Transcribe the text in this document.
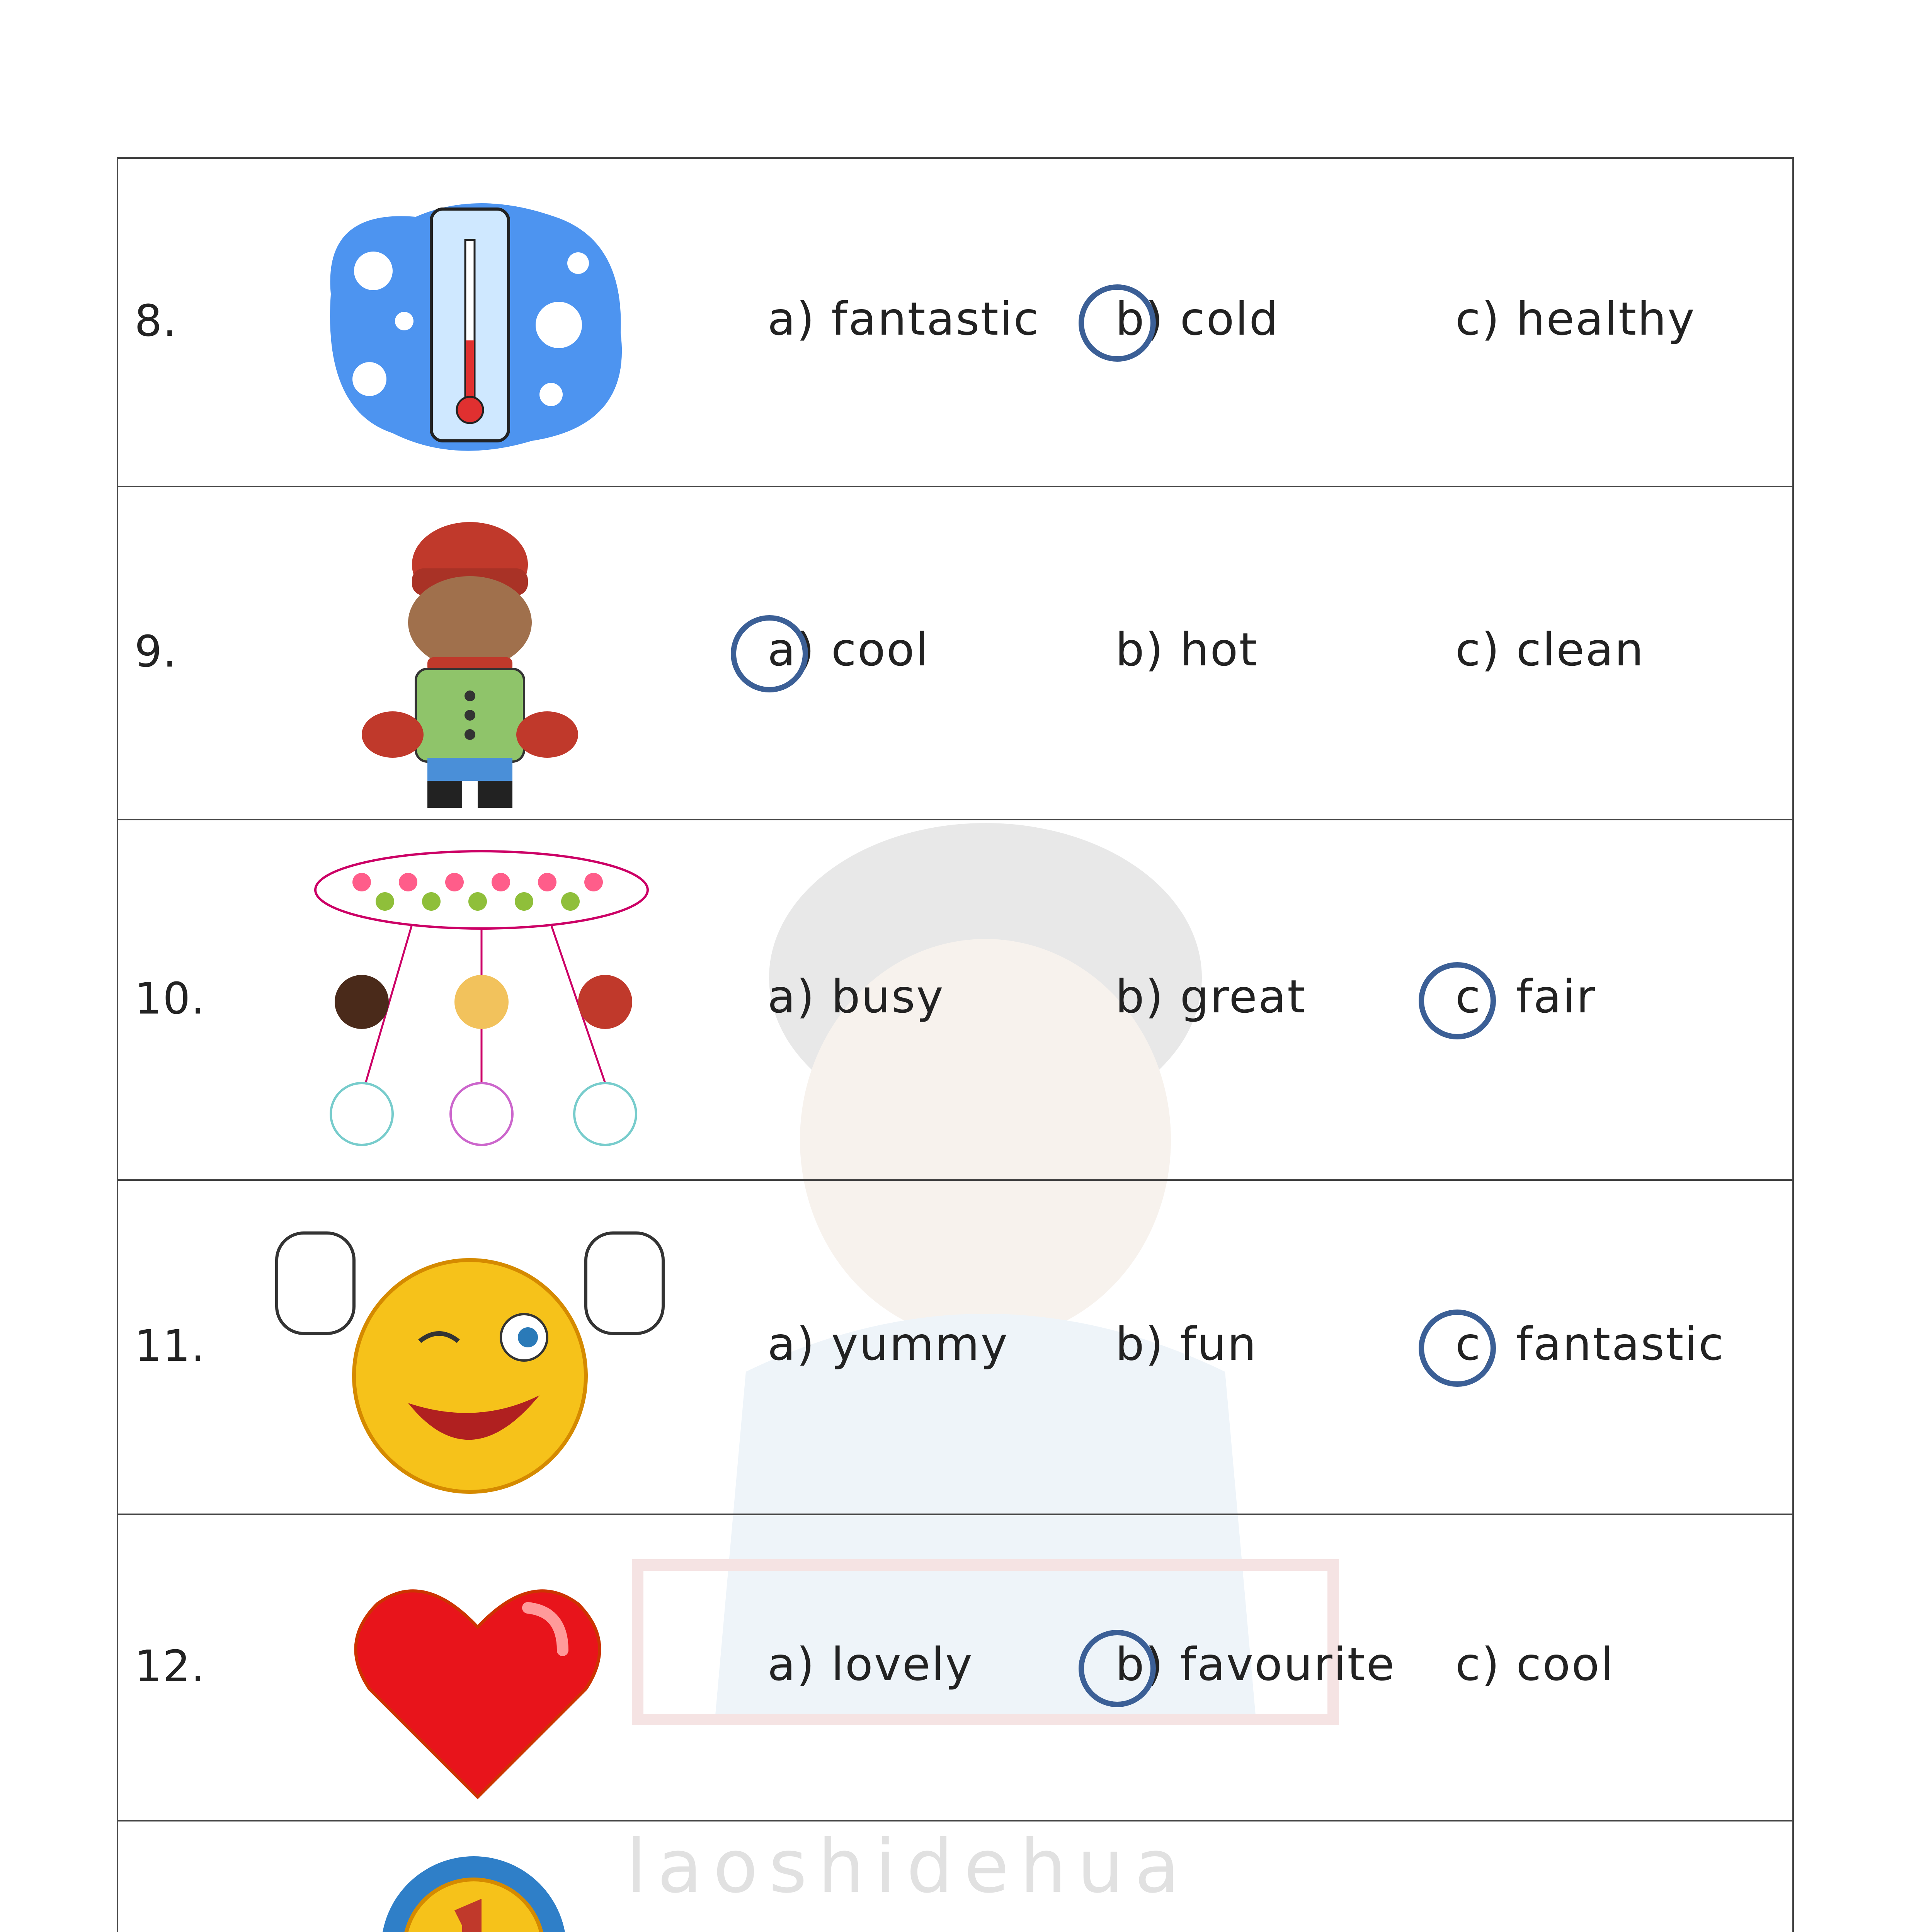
laoshidehua
8.	a) fantastic b) cold	c) healthy
9.	a) cool	b) hot	c) clean
10.	a) busy	b) great	c) fair
11.	a) yummy b) fun	c) fantastic
12.	a) lovely	b) favourite c) cool
